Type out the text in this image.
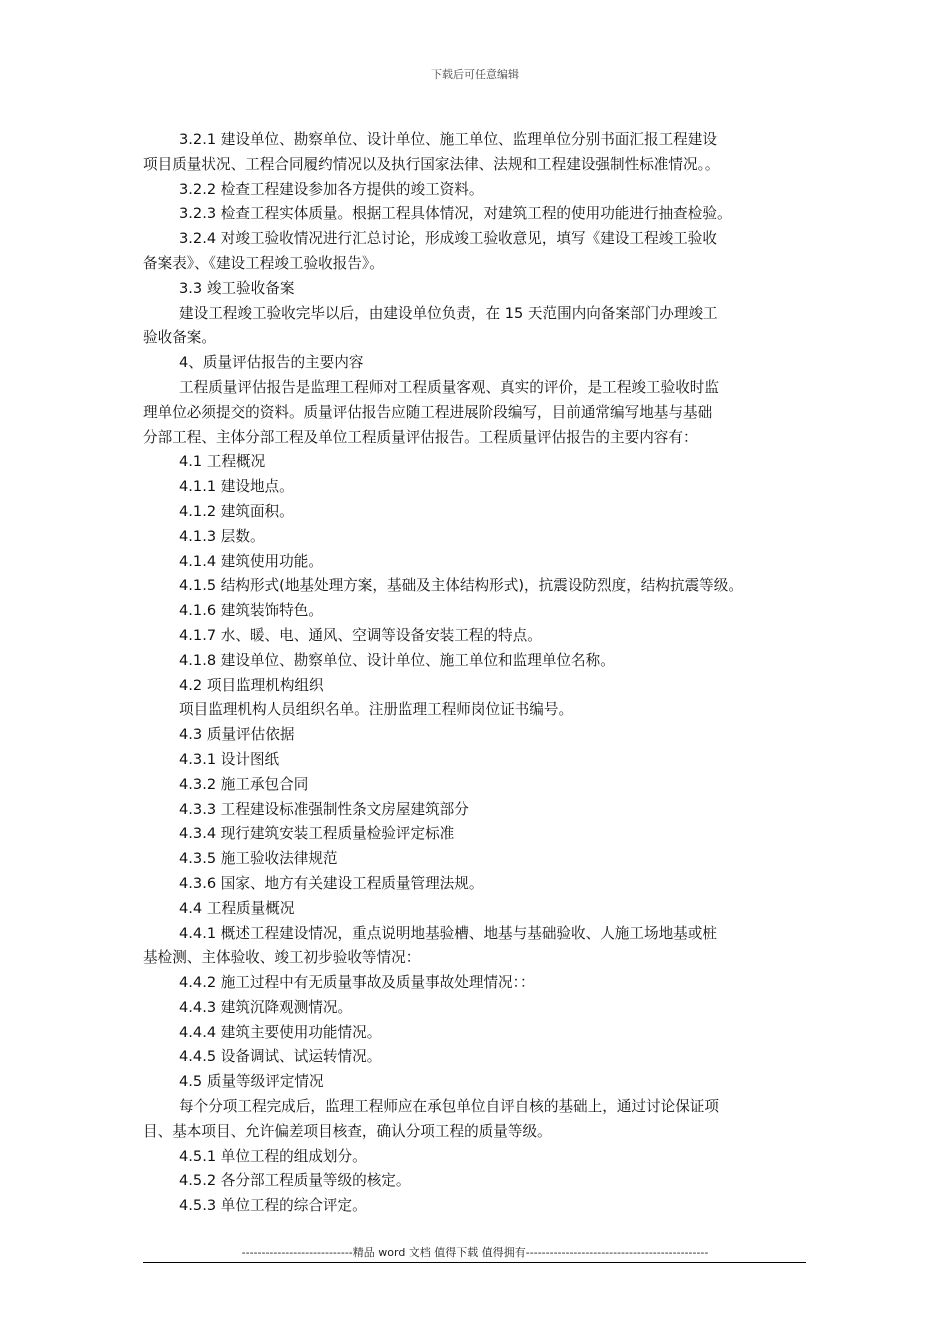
下载后可任意编辑

3.2.1 建设单位、勘察单位、设计单位、施工单位、监理单位分别书面汇报工程建设

项目质量状况、工程合同履约情况以及执行国家法律、法规和工程建设强制性标准情况。。

3.2.2 检查工程建设参加各方提供的竣工资料。

3.2.3 检查工程实体质量。根据工程具体情况，对建筑工程的使用功能进行抽查检验。

3.2.4 对竣工验收情况进行汇总讨论，形成竣工验收意见，填写《建设工程竣工验收

备案表》、《建设工程竣工验收报告》。

3.3 竣工验收备案

建设工程竣工验收完毕以后，由建设单位负责，在 15 天范围内向备案部门办理竣工

验收备案。

4、质量评估报告的主要内容

工程质量评估报告是监理工程师对工程质量客观、真实的评价，是工程竣工验收时监

理单位必须提交的资料。质量评估报告应随工程进展阶段编写，目前通常编写地基与基础

分部工程、主体分部工程及单位工程质量评估报告。工程质量评估报告的主要内容有：

4.1 工程概况

4.1.1 建设地点。

4.1.2 建筑面积。

4.1.3 层数。

4.1.4 建筑使用功能。

4.1.5 结构形式(地基处理方案，基础及主体结构形式)，抗震设防烈度，结构抗震等级。

4.1.6 建筑装饰特色。

4.1.7 水、暖、电、通风、空调等设备安装工程的特点。

4.1.8 建设单位、勘察单位、设计单位、施工单位和监理单位名称。

4.2 项目监理机构组织

项目监理机构人员组织名单。注册监理工程师岗位证书编号。

4.3 质量评估依据

4.3.1 设计图纸

4.3.2 施工承包合同

4.3.3 工程建设标准强制性条文房屋建筑部分

4.3.4 现行建筑安装工程质量检验评定标准

4.3.5 施工验收法律规范

4.3.6 国家、地方有关建设工程质量管理法规。

4.4 工程质量概况

4.4.1 概述工程建设情况，重点说明地基验槽、地基与基础验收、人施工场地基或桩

基检测、主体验收、竣工初步验收等情况：

4.4.2 施工过程中有无质量事故及质量事故处理情况：：

4.4.3 建筑沉降观测情况。

4.4.4 建筑主要使用功能情况。

4.4.5 设备调试、试运转情况。

4.5 质量等级评定情况

每个分项工程完成后，监理工程师应在承包单位自评自核的基础上，通过讨论保证项

目、基本项目、允许偏差项目核查，确认分项工程的质量等级。

4.5.1 单位工程的组成划分。

4.5.2 各分部工程质量等级的核定。

4.5.3 单位工程的综合评定。

----------------------------精品 word 文档 值得下载 值得拥有----------------------------------------------
